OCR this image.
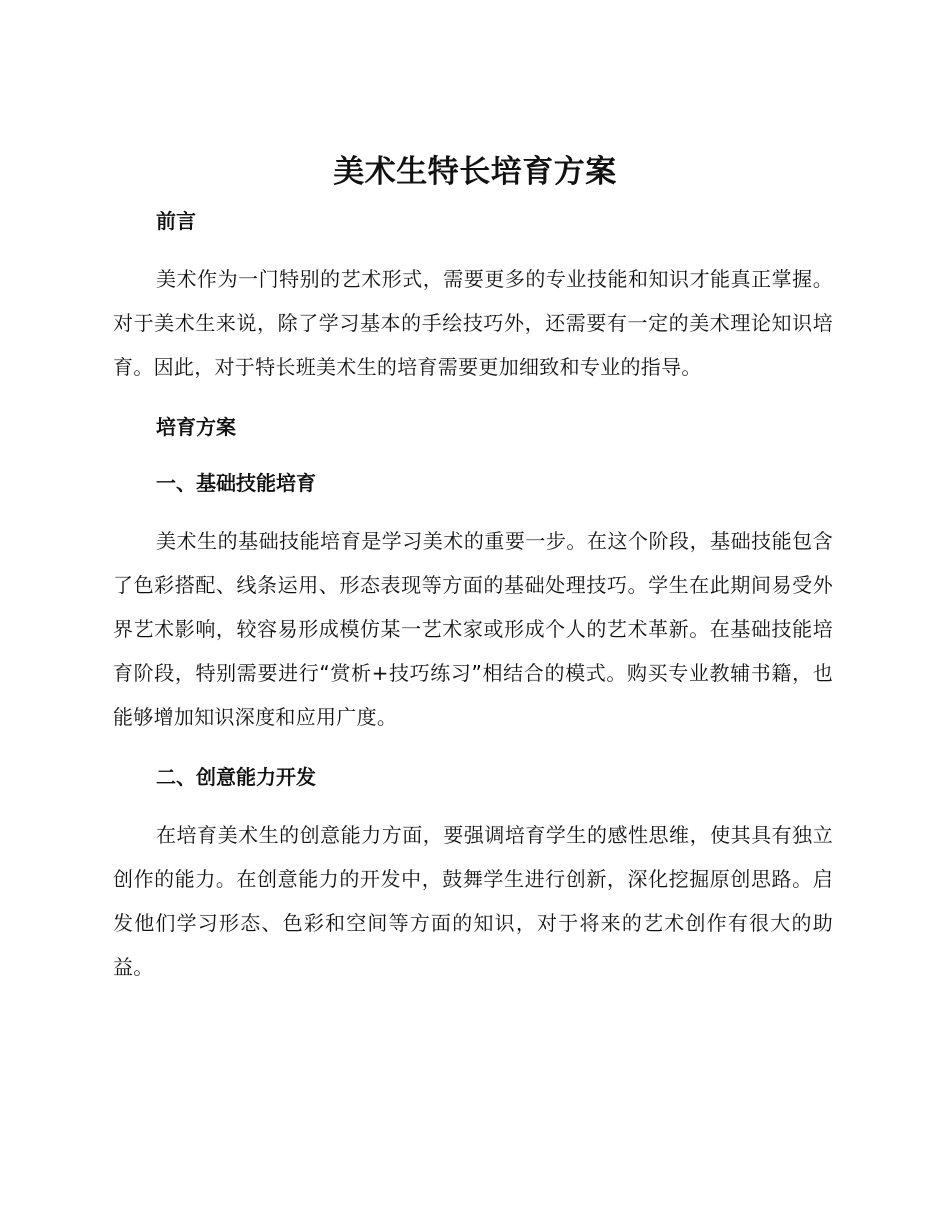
美术生特长培育方案

前言

美术作为一门特别的艺术形式，需要更多的专业技能和知识才能真正掌握。对于美术生来说，除了学习基本的手绘技巧外，还需要有一定的美术理论知识培育。因此，对于特长班美术生的培育需要更加细致和专业的指导。

培育方案

一、基础技能培育

美术生的基础技能培育是学习美术的重要一步。在这个阶段，基础技能包含了色彩搭配、线条运用、形态表现等方面的基础处理技巧。学生在此期间易受外界艺术影响，较容易形成模仿某一艺术家或形成个人的艺术革新。在基础技能培育阶段，特别需要进行“赏析+技巧练习”相结合的模式。购买专业教辅书籍，也能够增加知识深度和应用广度。

二、创意能力开发

在培育美术生的创意能力方面，要强调培育学生的感性思维，使其具有独立创作的能力。在创意能力的开发中，鼓舞学生进行创新，深化挖掘原创思路。启发他们学习形态、色彩和空间等方面的知识，对于将来的艺术创作有很大的助益。
